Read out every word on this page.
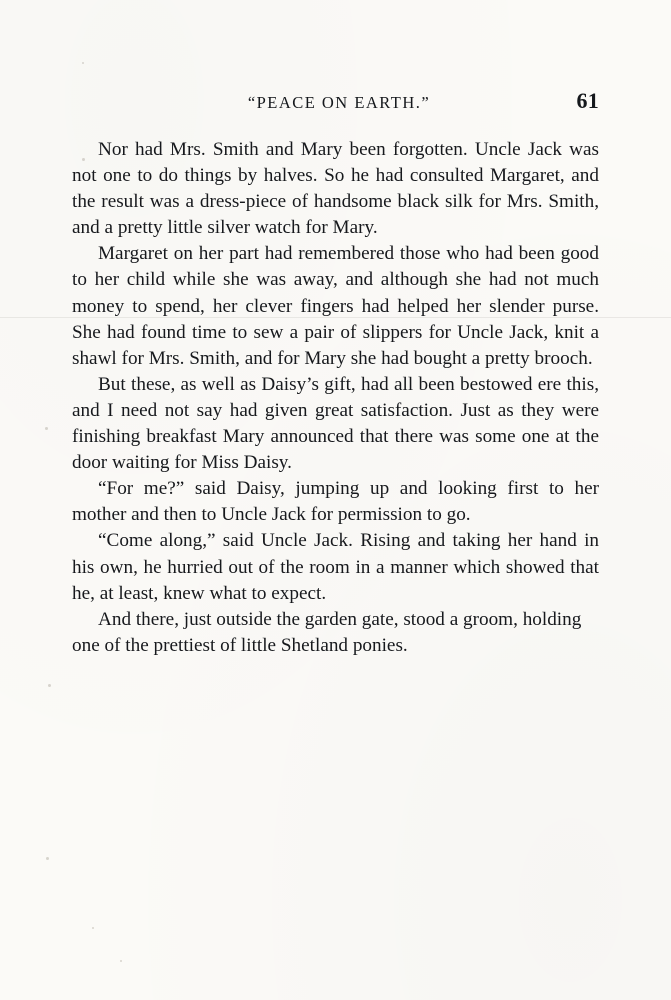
“PEACE ON EARTH.”	61

Nor had Mrs. Smith and Mary been forgotten. Uncle Jack was not one to do things by halves. So he had consulted Margaret, and the result was a dress-piece of handsome black silk for Mrs. Smith, and a pretty little silver watch for Mary.

Margaret on her part had remembered those who had been good to her child while she was away, and although she had not much money to spend, her clever fingers had helped her slender purse. She had found time to sew a pair of slippers for Uncle Jack, knit a shawl for Mrs. Smith, and for Mary she had bought a pretty brooch.

But these, as well as Daisy’s gift, had all been bestowed ere this, and I need not say had given great satisfaction. Just as they were finishing breakfast Mary announced that there was some one at the door waiting for Miss Daisy.

“For me?” said Daisy, jumping up and looking first to her mother and then to Uncle Jack for permission to go.

“Come along,” said Uncle Jack. Rising and taking her hand in his own, he hurried out of the room in a manner which showed that he, at least, knew what to expect.

And there, just outside the garden gate, stood a groom, holding one of the prettiest of little Shetland ponies.
